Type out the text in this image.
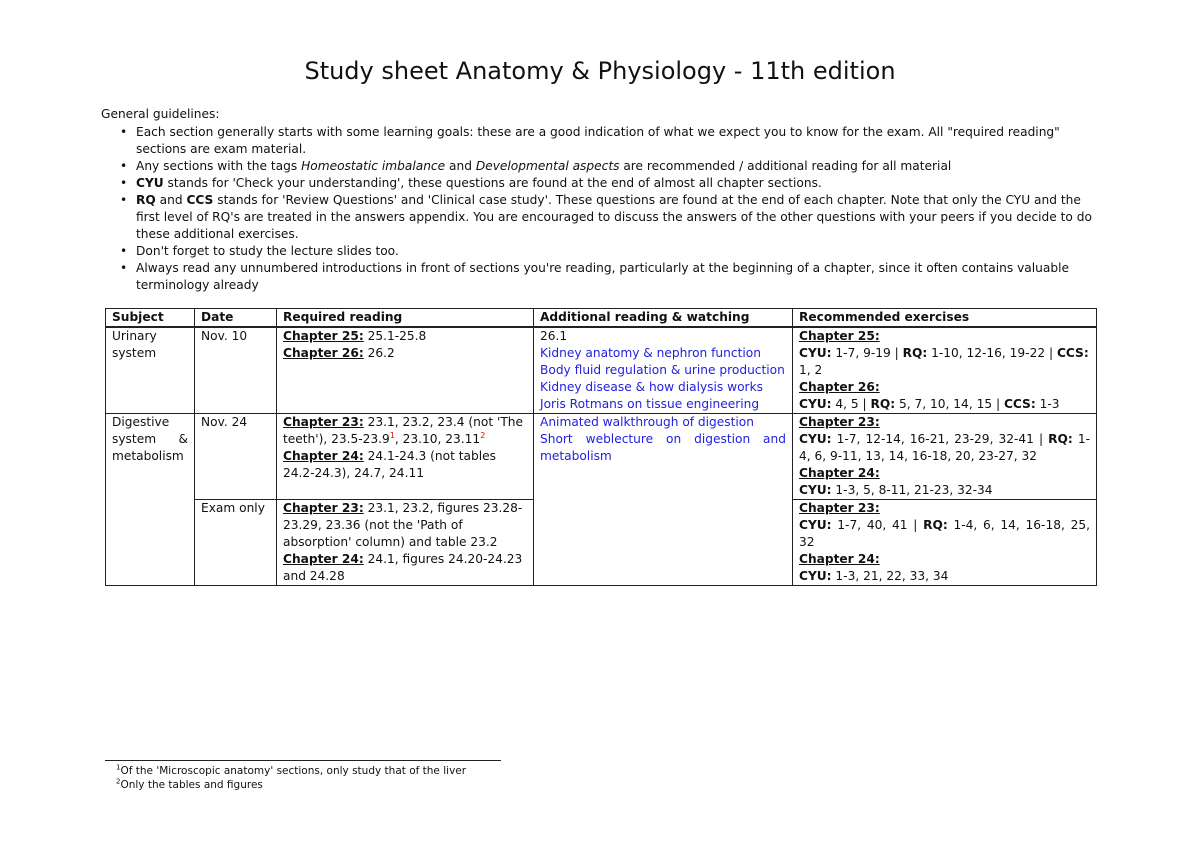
Study sheet Anatomy & Physiology - 11th edition
General guidelines:
• Each section generally starts with some learning goals: these are a good indication of what we expect you to know for the exam. All "required reading" sections are exam material.
• Any sections with the tags Homeostatic imbalance and Developmental aspects are recommended / additional reading for all material
• CYU stands for 'Check your understanding', these questions are found at the end of almost all chapter sections.
• RQ and CCS stands for 'Review Questions' and 'Clinical case study'. These questions are found at the end of each chapter. Note that only the CYU and the first level of RQ's are treated in the answers appendix. You are encouraged to discuss the answers of the other questions with your peers if you decide to do these additional exercises.
• Don't forget to study the lecture slides too.
• Always read any unnumbered introductions in front of sections you're reading, particularly at the beginning of a chapter, since it often contains valuable terminology already
Subject	Date	Required reading	Additional reading & watching	Recommended exercises
Urinary system	Nov. 10	Chapter 25: 25.1-25.8
Chapter 26: 26.2	26.1
Kidney anatomy & nephron function
Body fluid regulation & urine production
Kidney disease & how dialysis works
Joris Rotmans on tissue engineering	Chapter 25:
CYU: 1-7, 9-19 | RQ: 1-10, 12-16, 19-22 | CCS: 1, 2
Chapter 26:
CYU: 4, 5 | RQ: 5, 7, 10, 14, 15 | CCS: 1-3

Digestive system & metabolism	Nov. 24	Chapter 23: 23.1, 23.2, 23.4 (not 'The teeth'), 23.5-23.9$^1$, 23.10, 23.11$^2$
Chapter 24: 24.1-24.3 (not tables 24.2-24.3), 24.7, 24.11	Animated walkthrough of digestion
Short weblecture on digestion and metabolism	Chapter 23:
CYU: 1-7, 12-14, 16-21, 23-29, 32-41 | RQ: 1-4, 6, 9-11, 13, 14, 16-18, 20, 23-27, 32
Chapter 24:
CYU: 1-3, 5, 8-11, 21-23, 32-34

	Exam only	Chapter 23: 23.1, 23.2, figures 23.28-23.29, 23.36 (not the 'Path of absorption' column) and table 23.2
Chapter 24: 24.1, figures 24.20-24.23 and 24.28		Chapter 23:
CYU: 1-7, 40, 41 | RQ: 1-4, 6, 14, 16-18, 25, 32
Chapter 24:
CYU: 1-3, 21, 22, 33, 34
$^1$Of the 'Microscopic anatomy' sections, only study that of the liver
$^2$Only the tables and figures
